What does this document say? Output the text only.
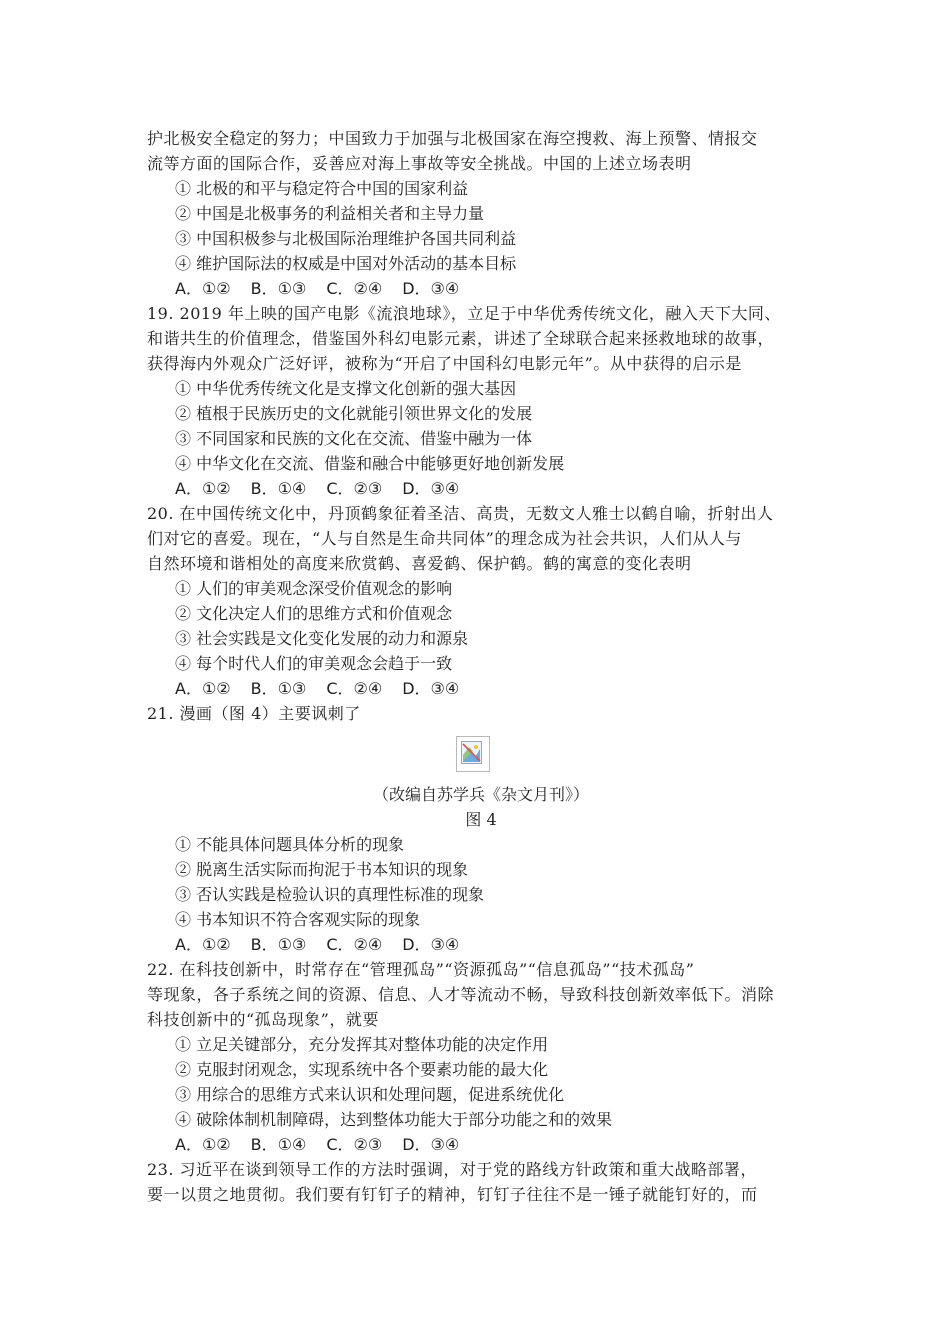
护北极安全稳定的努力；中国致力于加强与北极国家在海空搜救、海上预警、情报交
流等方面的国际合作，妥善应对海上事故等安全挑战。中国的上述立场表明
① 北极的和平与稳定符合中国的国家利益
② 中国是北极事务的利益相关者和主导力量
③ 中国积极参与北极国际治理维护各国共同利益
④ 维护国际法的权威是中国对外活动的基本目标
A．①② B．①③ C．②④ D．③④
19. 2019 年上映的国产电影《流浪地球》，立足于中华优秀传统文化，融入天下大同、
和谐共生的价值理念，借鉴国外科幻电影元素，讲述了全球联合起来拯救地球的故事，
获得海内外观众广泛好评，被称为“开启了中国科幻电影元年”。从中获得的启示是
① 中华优秀传统文化是支撑文化创新的强大基因
② 植根于民族历史的文化就能引领世界文化的发展
③ 不同国家和民族的文化在交流、借鉴中融为一体
④ 中华文化在交流、借鉴和融合中能够更好地创新发展
A．①② B．①④ C．②③ D．③④
20. 在中国传统文化中，丹顶鹤象征着圣洁、高贵，无数文人雅士以鹤自喻，折射出人
们对它的喜爱。现在，“人与自然是生命共同体”的理念成为社会共识，人们从人与
自然环境和谐相处的高度来欣赏鹤、喜爱鹤、保护鹤。鹤的寓意的变化表明
① 人们的审美观念深受价值观念的影响
② 文化决定人们的思维方式和价值观念
③ 社会实践是文化变化发展的动力和源泉
④ 每个时代人们的审美观念会趋于一致
A．①② B．①③ C．②④ D．③④
21. 漫画（图 4）主要讽刺了
（改编自苏学兵《杂文月刊》）
图 4
① 不能具体问题具体分析的现象
② 脱离生活实际而拘泥于书本知识的现象
③ 否认实践是检验认识的真理性标准的现象
④ 书本知识不符合客观实际的现象
A．①② B．①③ C．②④ D．③④
22. 在科技创新中，时常存在“管理孤岛”“资源孤岛”“信息孤岛”“技术孤岛”
等现象，各子系统之间的资源、信息、人才等流动不畅，导致科技创新效率低下。消除
科技创新中的“孤岛现象”，就要
① 立足关键部分，充分发挥其对整体功能的决定作用
② 克服封闭观念，实现系统中各个要素功能的最大化
③ 用综合的思维方式来认识和处理问题，促进系统优化
④ 破除体制机制障碍，达到整体功能大于部分功能之和的效果
A．①② B．①④ C．②③ D．③④
23. 习近平在谈到领导工作的方法时强调，对于党的路线方针政策和重大战略部署，
要一以贯之地贯彻。我们要有钉钉子的精神，钉钉子往往不是一锤子就能钉好的，而
